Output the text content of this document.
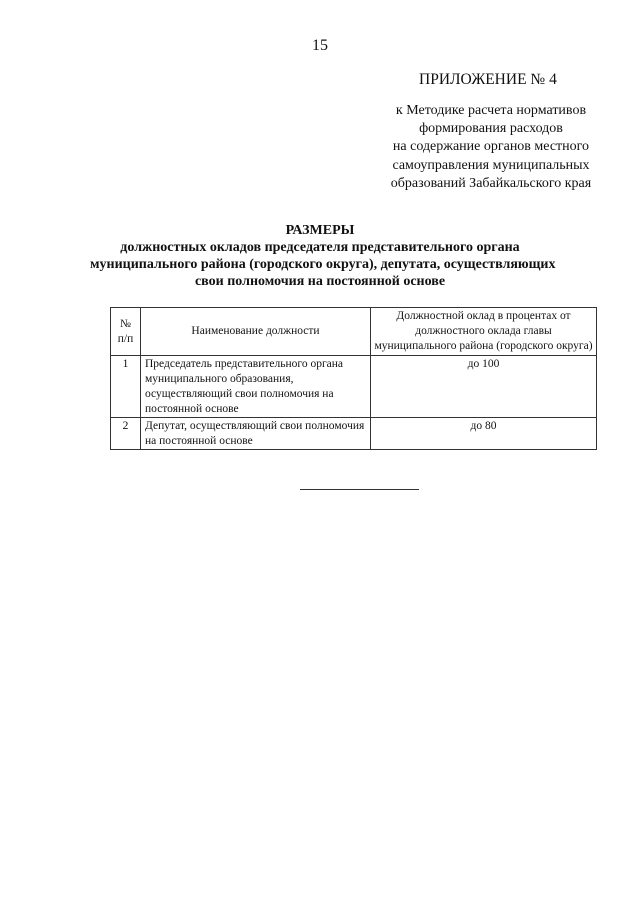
15
ПРИЛОЖЕНИЕ № 4
к Методике расчета нормативов
формирования расходов
на содержание органов местного
самоуправления муниципальных
образований Забайкальского края
РАЗМЕРЫ
должностных окладов председателя представительного органа
муниципального района (городского округа), депутата, осуществляющих
свои полномочия на постоянной основе
№ п/п	Наименование должности	Должностной оклад в процентах от должностного оклада главы муниципального района (городского округа)
1	Председатель представительного органа муниципального образования, осуществляющий свои полномочия на постоянной основе	до 100
2	Депутат, осуществляющий свои полномочия на постоянной основе	до 80
